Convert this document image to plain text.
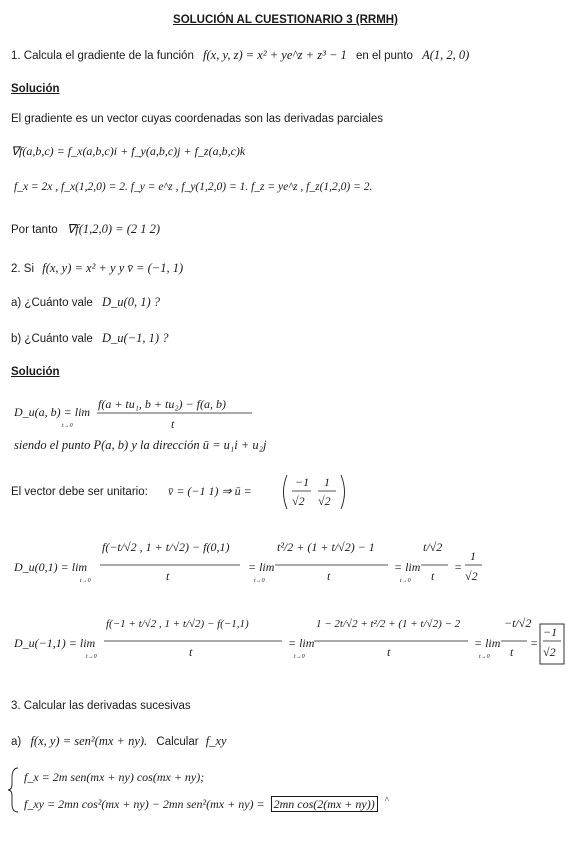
SOLUCIÓN AL CUESTIONARIO 3 (RRMH)
1. Calcula el gradiente de la función f(x, y, z) = x² + ye^z + z³ − 1 en el punto A(1, 2, 0)
Solución
El gradiente es un vector cuyas coordenadas son las derivadas parciales
∇f(a,b,c) = f_x(a,b,c)i + f_y(a,b,c)j + f_z(a,b,c)k
f_x = 2x , f_x(1,2,0) = 2. f_y = e^z , f_y(1,2,0) = 1. f_z = ye^z , f_z(1,2,0) = 2.
Por tanto ∇f(1,2,0) = (2 1 2)
2. Si f(x, y) = x² + y y v̄ = (−1, 1)
a) ¿Cuánto vale D_u(0, 1) ?
b) ¿Cuánto vale D_u(−1, 1) ?
Solución
D_u(a, b) = lim
t→0
f(a + tu₁, b + tu₂) − f(a, b)
t
siendo el punto P(a, b) y la dirección ū = u₁i + u₂j
El vector debe ser unitario: v̄ = (−1 1) ⇒ ū =
−1
√2
1
√2
D_u(0,1) = lim
t→0
f(−t/√2 , 1 + t/√2) − f(0,1)
t
= lim
t→0
t²/2 + (1 + t/√2) − 1
t
= lim
t→0
t/√2
t
=
1
√2
D_u(−1,1) = lim
t→0
f(−1 + t/√2 , 1 + t/√2) − f(−1,1)
t
= lim
t→0
1 − 2t/√2 + t²/2 + (1 + t/√2) − 2
t
= lim
t→0
−t/√2
t
=
−1
√2
3. Calcular las derivadas sucesivas
a) f(x, y) = sen²(mx + ny). Calcular f_xy
f_x = 2m sen(mx + ny) cos(mx + ny);
f_xy = 2mn cos²(mx + ny) − 2mn sen²(mx + ny) = 2mn cos(2(mx + ny)) ^
